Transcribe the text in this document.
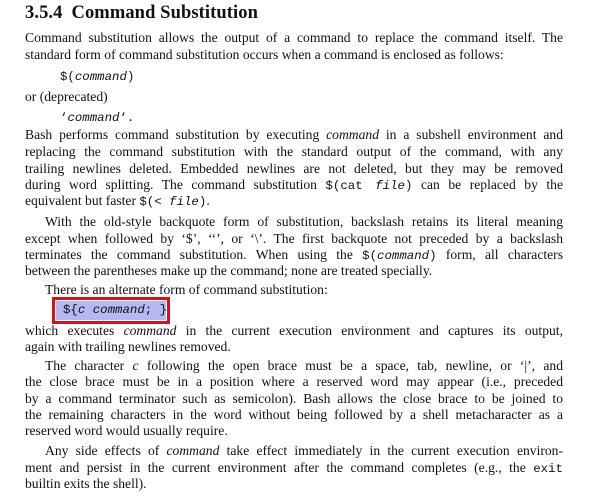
3.5.4 Command Substitution
Command substitution allows the output of a command to replace the command itself. The
standard form of command substitution occurs when a command is enclosed as follows:
$(command)
or (deprecated)
‘command‘.
Bash performs command substitution by executing command in a subshell environment and
replacing the command substitution with the standard output of the command, with any
trailing newlines deleted. Embedded newlines are not deleted, but they may be removed
during word splitting. The command substitution $(cat file) can be replaced by the
equivalent but faster $(< file).
With the old-style backquote form of substitution, backslash retains its literal meaning
except when followed by ‘$’, ‘‘’, or ‘\’. The first backquote not preceded by a backslash
terminates the command substitution. When using the $(command) form, all characters
between the parentheses make up the command; none are treated specially.
There is an alternate form of command substitution:
${c command; }
which executes command in the current execution environment and captures its output,
again with trailing newlines removed.
The character c following the open brace must be a space, tab, newline, or ‘|’, and
the close brace must be in a position where a reserved word may appear (i.e., preceded
by a command terminator such as semicolon). Bash allows the close brace to be joined to
the remaining characters in the word without being followed by a shell metacharacter as a
reserved word would usually require.
Any side effects of command take effect immediately in the current execution environ-
ment and persist in the current environment after the command completes (e.g., the exit
builtin exits the shell).
